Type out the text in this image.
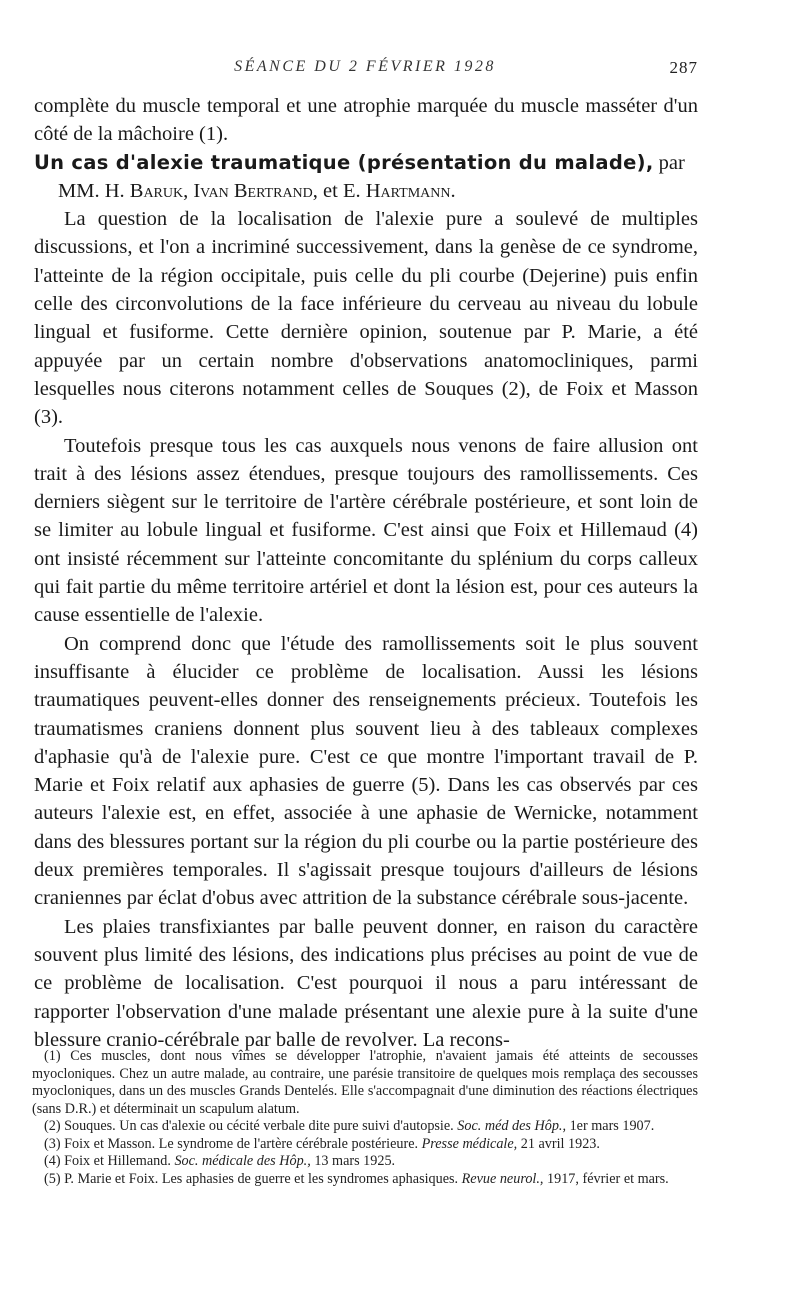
SÉANCE DU 2 FÉVRIER 1928	287

complète du muscle temporal et une atrophie marquée du muscle masséter d'un côté de la mâchoire (1).

Un cas d'alexie traumatique (présentation du malade), par
MM. H. Baruk, Ivan Bertrand, et E. Hartmann.

La question de la localisation de l'alexie pure a soulevé de multiples discussions, et l'on a incriminé successivement, dans la genèse de ce syndrome, l'atteinte de la région occipitale, puis celle du pli courbe (Dejerine) puis enfin celle des circonvolutions de la face inférieure du cerveau au niveau du lobule lingual et fusiforme. Cette dernière opinion, soutenue par P. Marie, a été appuyée par un certain nombre d'observations anatomocliniques, parmi lesquelles nous citerons notamment celles de Souques (2), de Foix et Masson (3).

Toutefois presque tous les cas auxquels nous venons de faire allusion ont trait à des lésions assez étendues, presque toujours des ramollissements. Ces derniers siègent sur le territoire de l'artère cérébrale postérieure, et sont loin de se limiter au lobule lingual et fusiforme. C'est ainsi que Foix et Hillemaud (4) ont insisté récemment sur l'atteinte concomitante du splénium du corps calleux qui fait partie du même territoire artériel et dont la lésion est, pour ces auteurs la cause essentielle de l'alexie.

On comprend donc que l'étude des ramollissements soit le plus souvent insuffisante à élucider ce problème de localisation. Aussi les lésions traumatiques peuvent-elles donner des renseignements précieux. Toutefois les traumatismes craniens donnent plus souvent lieu à des tableaux complexes d'aphasie qu'à de l'alexie pure. C'est ce que montre l'important travail de P. Marie et Foix relatif aux aphasies de guerre (5). Dans les cas observés par ces auteurs l'alexie est, en effet, associée à une aphasie de Wernicke, notamment dans des blessures portant sur la région du pli courbe ou la partie postérieure des deux premières temporales. Il s'agissait presque toujours d'ailleurs de lésions craniennes par éclat d'obus avec attrition de la substance cérébrale sous-jacente.

Les plaies transfixiantes par balle peuvent donner, en raison du caractère souvent plus limité des lésions, des indications plus précises au point de vue de ce problème de localisation. C'est pourquoi il nous a paru intéressant de rapporter l'observation d'une malade présentant une alexie pure à la suite d'une blessure cranio-cérébrale par balle de revolver. La recons-

(1) Ces muscles, dont nous vîmes se développer l'atrophie, n'avaient jamais été atteints de secousses myocloniques. Chez un autre malade, au contraire, une parésie transitoire de quelques mois remplaça des secousses myocloniques, dans un des muscles Grands Dentelés. Elle s'accompagnait d'une diminution des réactions électriques (sans D.R.) et déterminait un scapulum alatum.

(2) Souques. Un cas d'alexie ou cécité verbale dite pure suivi d'autopsie. Soc. méd des Hôp., 1er mars 1907.

(3) Foix et Masson. Le syndrome de l'artère cérébrale postérieure. Presse médicale, 21 avril 1923.

(4) Foix et Hillemand. Soc. médicale des Hôp., 13 mars 1925.

(5) P. Marie et Foix. Les aphasies de guerre et les syndromes aphasiques. Revue neurol., 1917, février et mars.
